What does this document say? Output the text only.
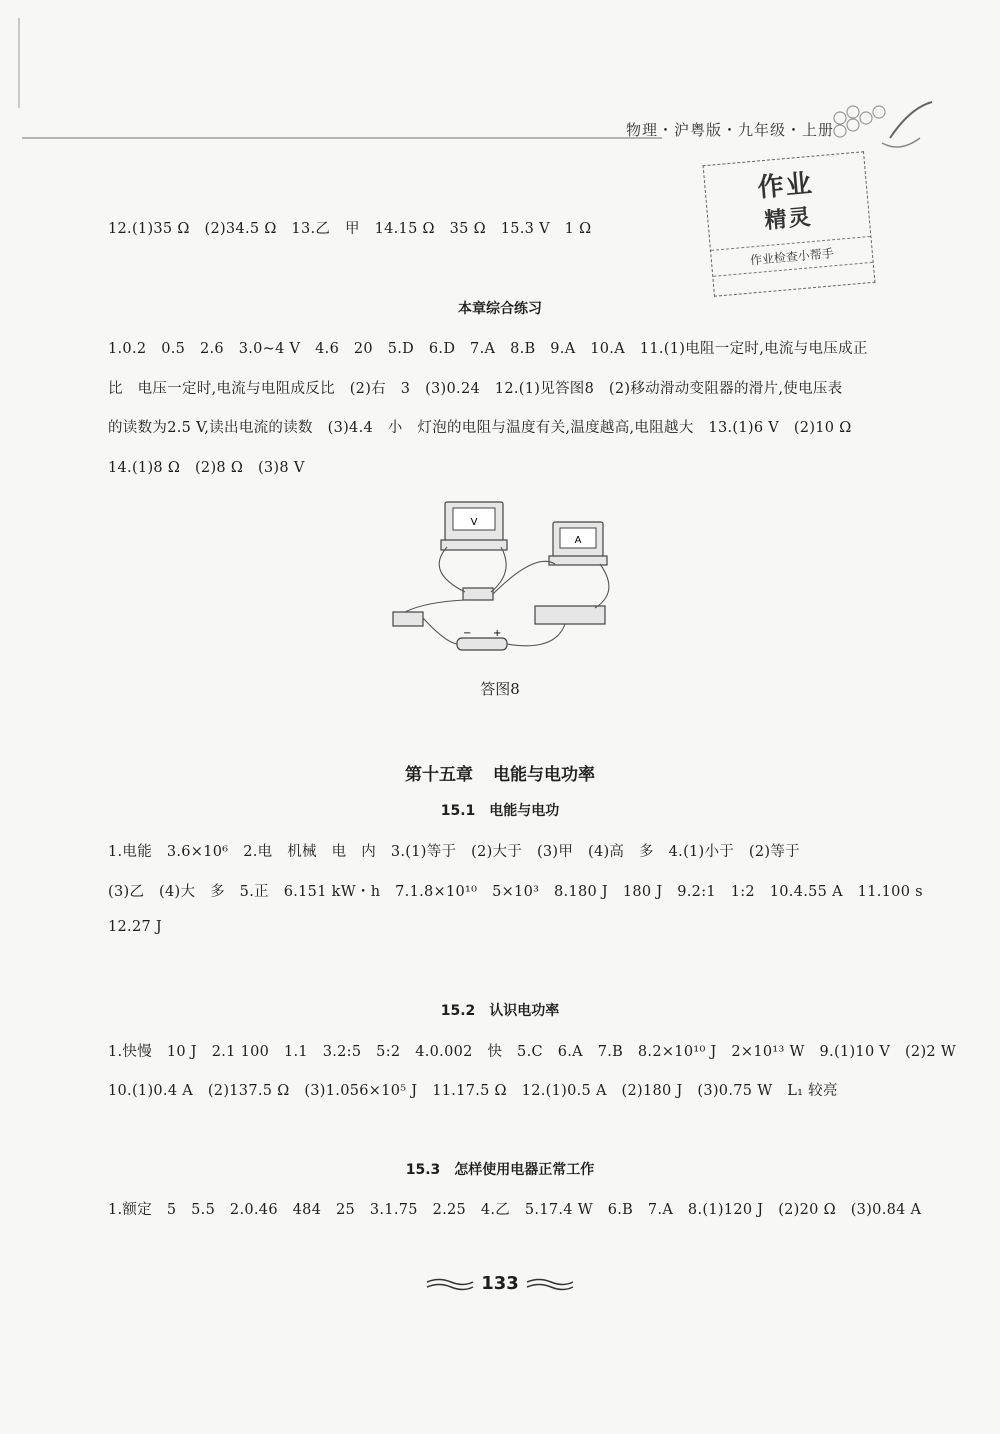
物理・沪粤版・九年级・上册
作业
精灵
作业检查小帮手
12.(1)35 Ω　(2)34.5 Ω　13.乙　甲　14.15 Ω　35 Ω　15.3 V　1 Ω
本章综合练习
1.0.2　0.5　2.6　3.0~4 V　4.6　20　5.D　6.D　7.A　8.B　9.A　10.A　11.(1)电阻一定时,电流与电压成正
比　电压一定时,电流与电阻成反比　(2)右　3　(3)0.24　12.(1)见答图8　(2)移动滑动变阻器的滑片,使电压表
的读数为2.5 V,读出电流的读数　(3)4.4　小　灯泡的电阻与温度有关,温度越高,电阻越大　13.(1)6 V　(2)10 Ω
14.(1)8 Ω　(2)8 Ω　(3)8 V
V
A
− +
答图8
第十五章 电能与电功率
15.1　电能与电功
1.电能　3.6×10⁶　2.电　机械　电　内　3.(1)等于　(2)大于　(3)甲　(4)高　多　4.(1)小于　(2)等于
(3)乙　(4)大　多　5.正　6.151 kW・h　7.1.8×10¹⁰　5×10³　8.180 J　180 J　9.2:1　1:2　10.4.55 A　11.100 s
12.27 J
15.2　认识电功率
1.快慢　10 J　2.1 100　1.1　3.2:5　5:2　4.0.002　快　5.C　6.A　7.B　8.2×10¹⁰ J　2×10¹³ W　9.(1)10 V　(2)2 W
10.(1)0.4 A　(2)137.5 Ω　(3)1.056×10⁵ J　11.17.5 Ω　12.(1)0.5 A　(2)180 J　(3)0.75 W　L₁ 较亮
15.3　怎样使用电器正常工作
1.额定　5　5.5　2.0.46　484　25　3.1.75　2.25　4.乙　5.17.4 W　6.B　7.A　8.(1)120 J　(2)20 Ω　(3)0.84 A
133
